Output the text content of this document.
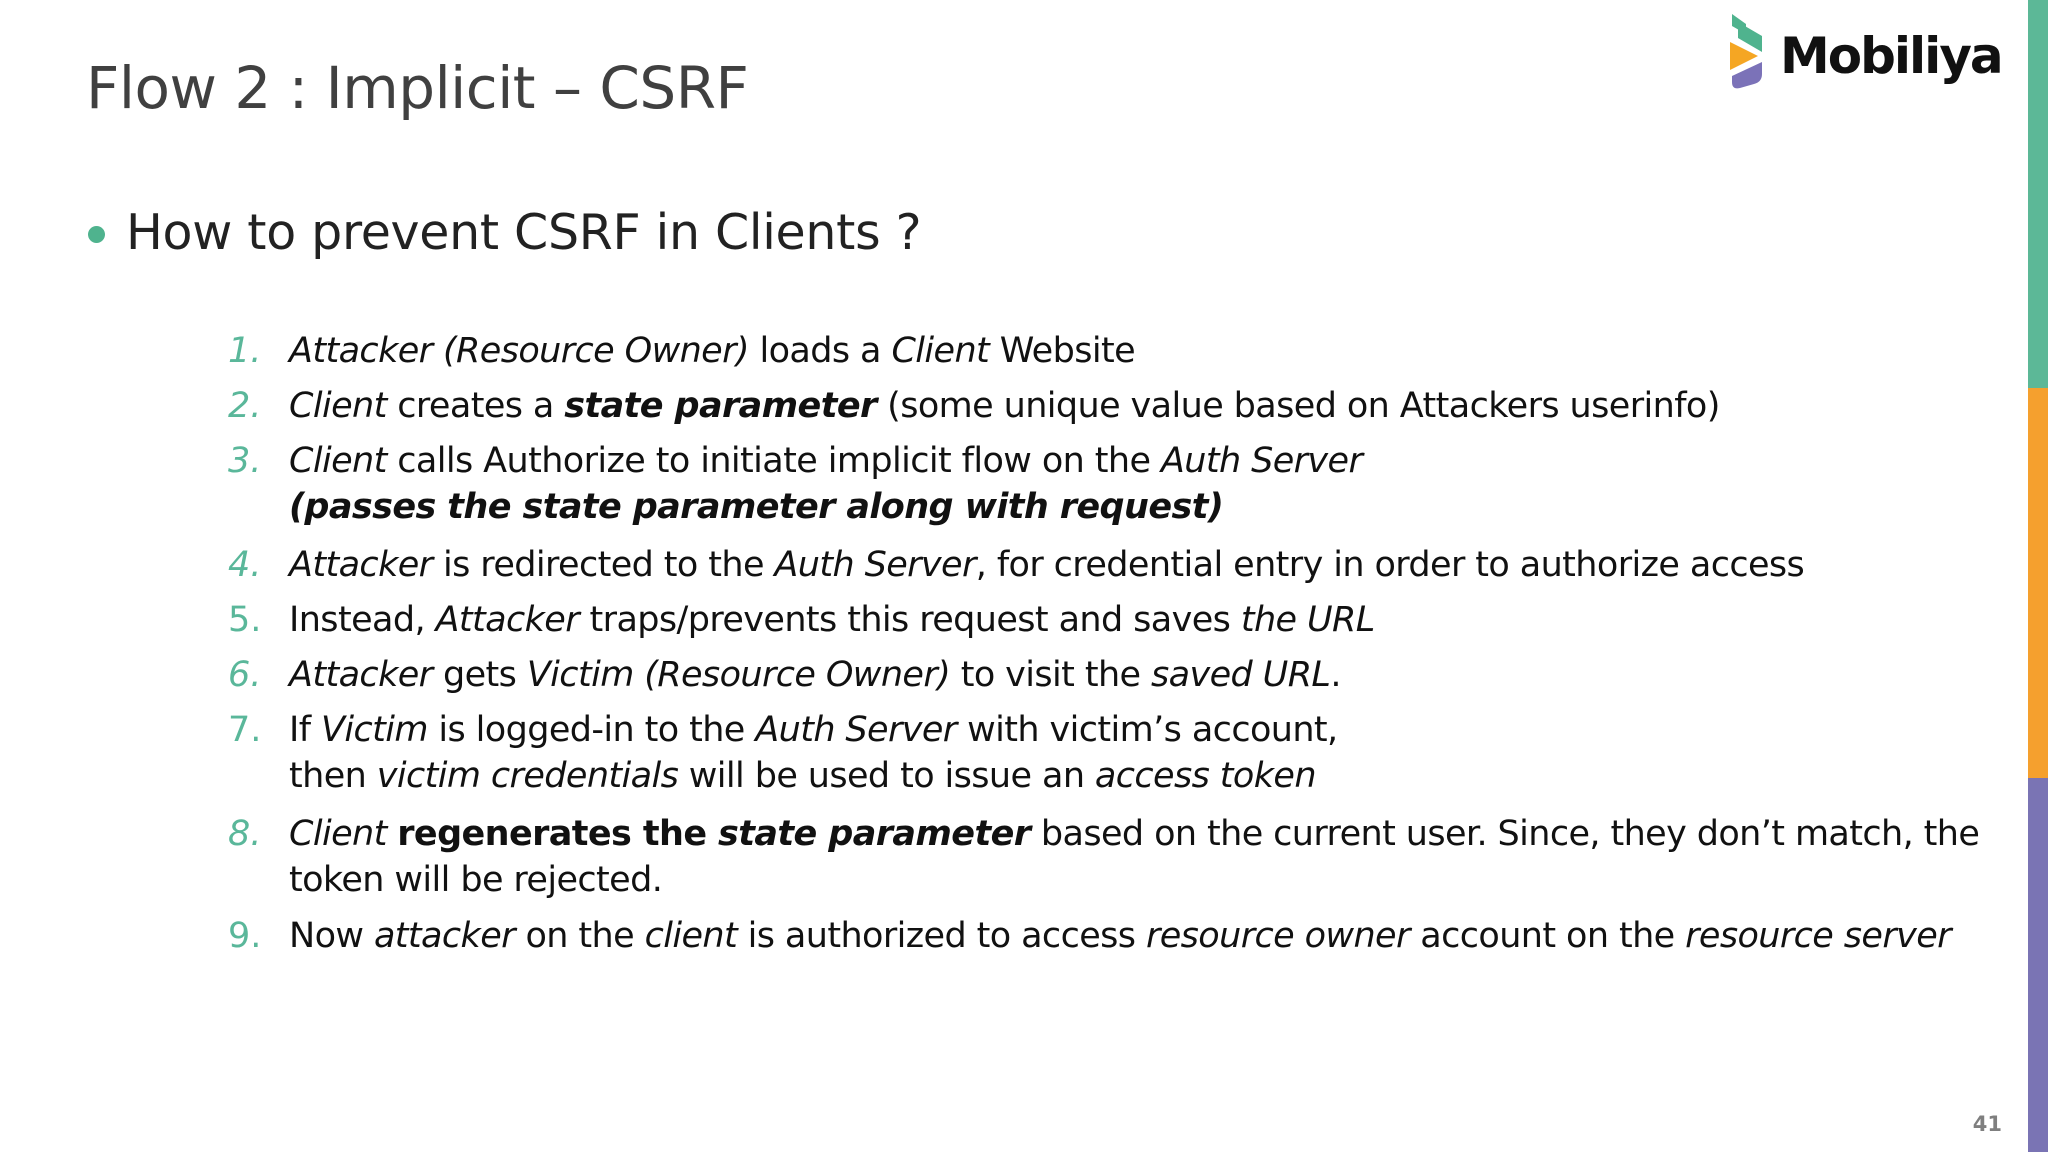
Flow 2 : Implicit – CSRF	Mobiliya
How to prevent CSRF in Clients ?
1. Attacker (Resource Owner) loads a Client Website
2. Client creates a state parameter (some unique value based on Attackers userinfo)
3. Client calls Authorize to initiate implicit flow on the Auth Server
(passes the state parameter along with request)
4. Attacker is redirected to the Auth Server, for credential entry in order to authorize access
5. Instead, Attacker traps/prevents this request and saves the URL
6. Attacker gets Victim (Resource Owner) to visit the saved URL.
7. If Victim is logged-in to the Auth Server with victim’s account,
then victim credentials will be used to issue an access token
8. Client regenerates the state parameter based on the current user. Since, they don’t match, the
token will be rejected.
9. Now attacker on the client is authorized to access resource owner account on the resource server
41
